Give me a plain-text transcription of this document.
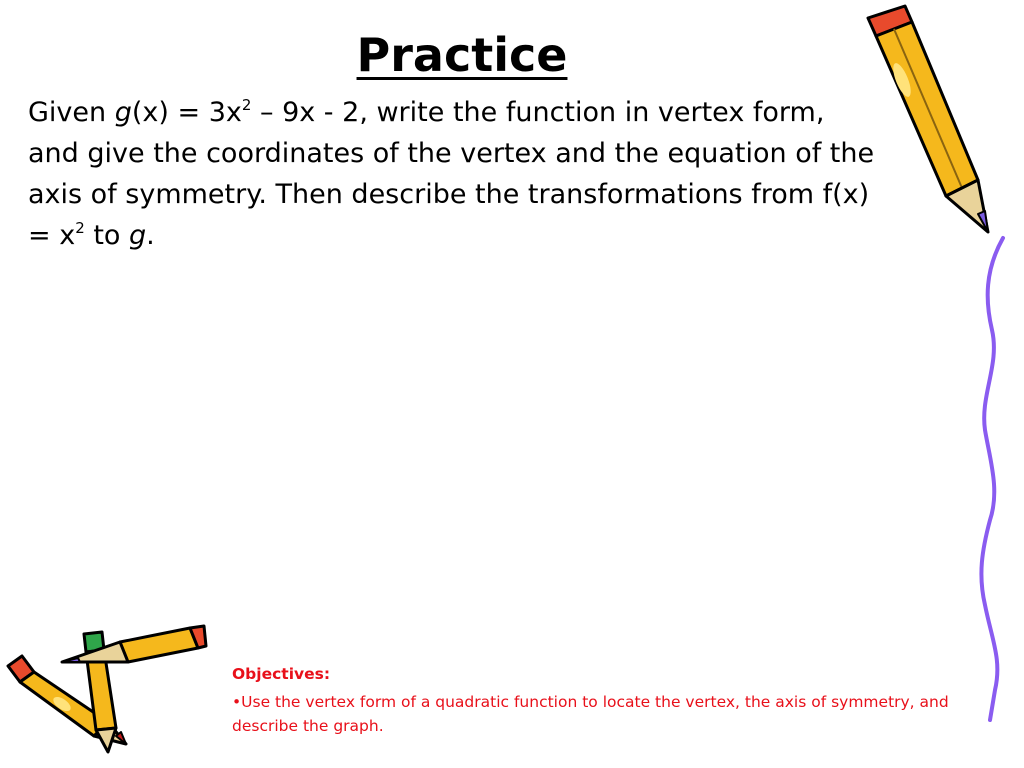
Practice
Given $g(x) = 3x^2 - 9x - 2$, write the function in vertex form, and give the coordinates of the vertex and the equation of the axis of symmetry. Then describe the transformations from $f(x) = x^2$ to g.
Objectives:
•Use the vertex form of a quadratic function to locate the vertex, the axis of symmetry, and describe the graph.
